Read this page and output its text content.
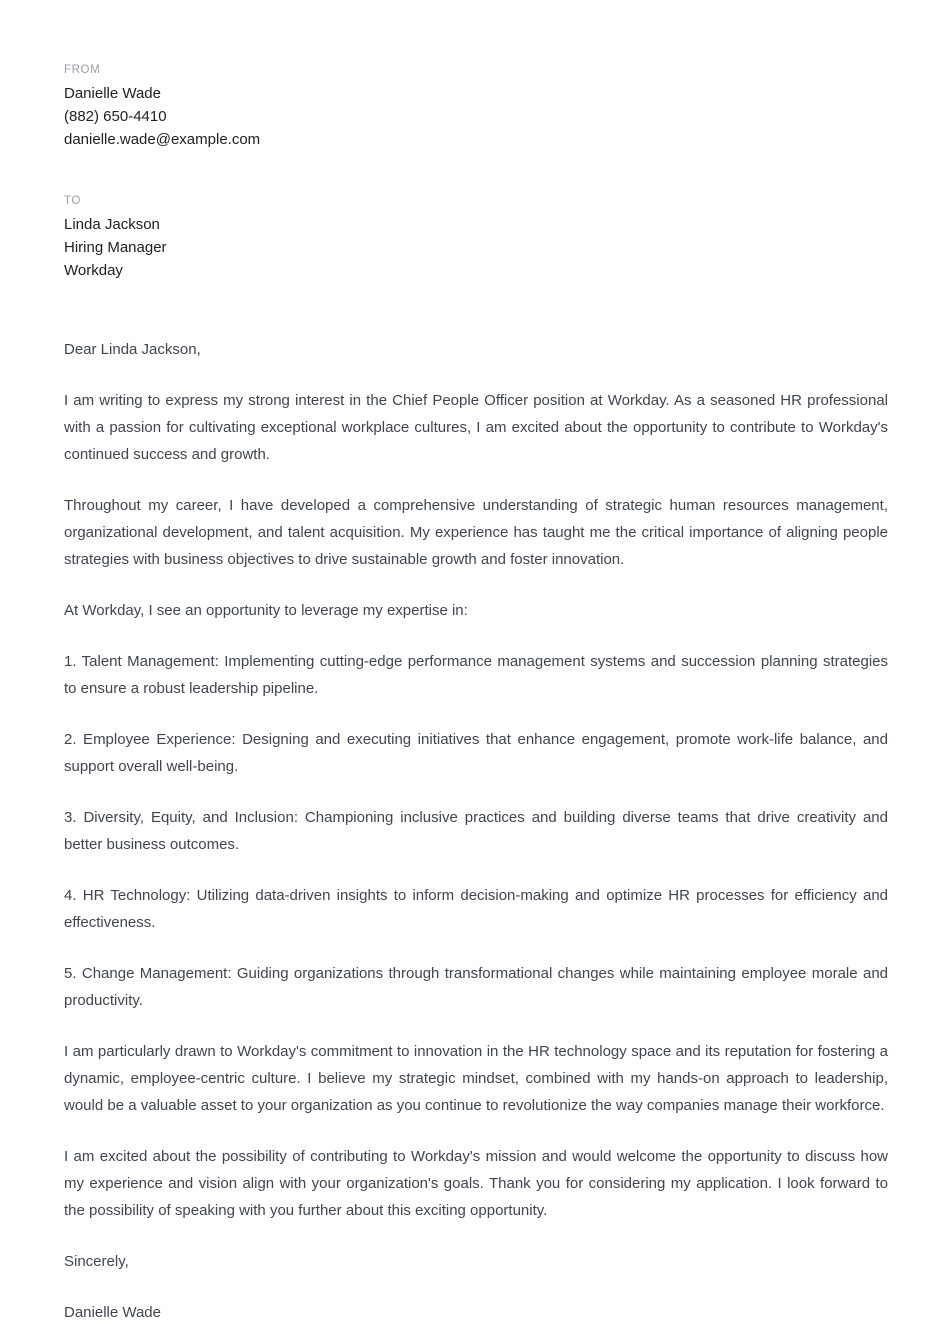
FROM
Danielle Wade
(882) 650-4410
danielle.wade@example.com
TO
Linda Jackson
Hiring Manager
Workday

Dear Linda Jackson,

I am writing to express my strong interest in the Chief People Officer position at Workday. As a seasoned HR professional with a passion for cultivating exceptional workplace cultures, I am excited about the opportunity to contribute to Workday's continued success and growth.

Throughout my career, I have developed a comprehensive understanding of strategic human resources management, organizational development, and talent acquisition. My experience has taught me the critical importance of aligning people strategies with business objectives to drive sustainable growth and foster innovation.

At Workday, I see an opportunity to leverage my expertise in:

1. Talent Management: Implementing cutting-edge performance management systems and succession planning strategies to ensure a robust leadership pipeline.

2. Employee Experience: Designing and executing initiatives that enhance engagement, promote work-life balance, and support overall well-being.

3. Diversity, Equity, and Inclusion: Championing inclusive practices and building diverse teams that drive creativity and better business outcomes.

4. HR Technology: Utilizing data-driven insights to inform decision-making and optimize HR processes for efficiency and effectiveness.

5. Change Management: Guiding organizations through transformational changes while maintaining employee morale and productivity.

I am particularly drawn to Workday's commitment to innovation in the HR technology space and its reputation for fostering a dynamic, employee-centric culture. I believe my strategic mindset, combined with my hands-on approach to leadership, would be a valuable asset to your organization as you continue to revolutionize the way companies manage their workforce.

I am excited about the possibility of contributing to Workday's mission and would welcome the opportunity to discuss how my experience and vision align with your organization's goals. Thank you for considering my application. I look forward to the possibility of speaking with you further about this exciting opportunity.

Sincerely,

Danielle Wade
